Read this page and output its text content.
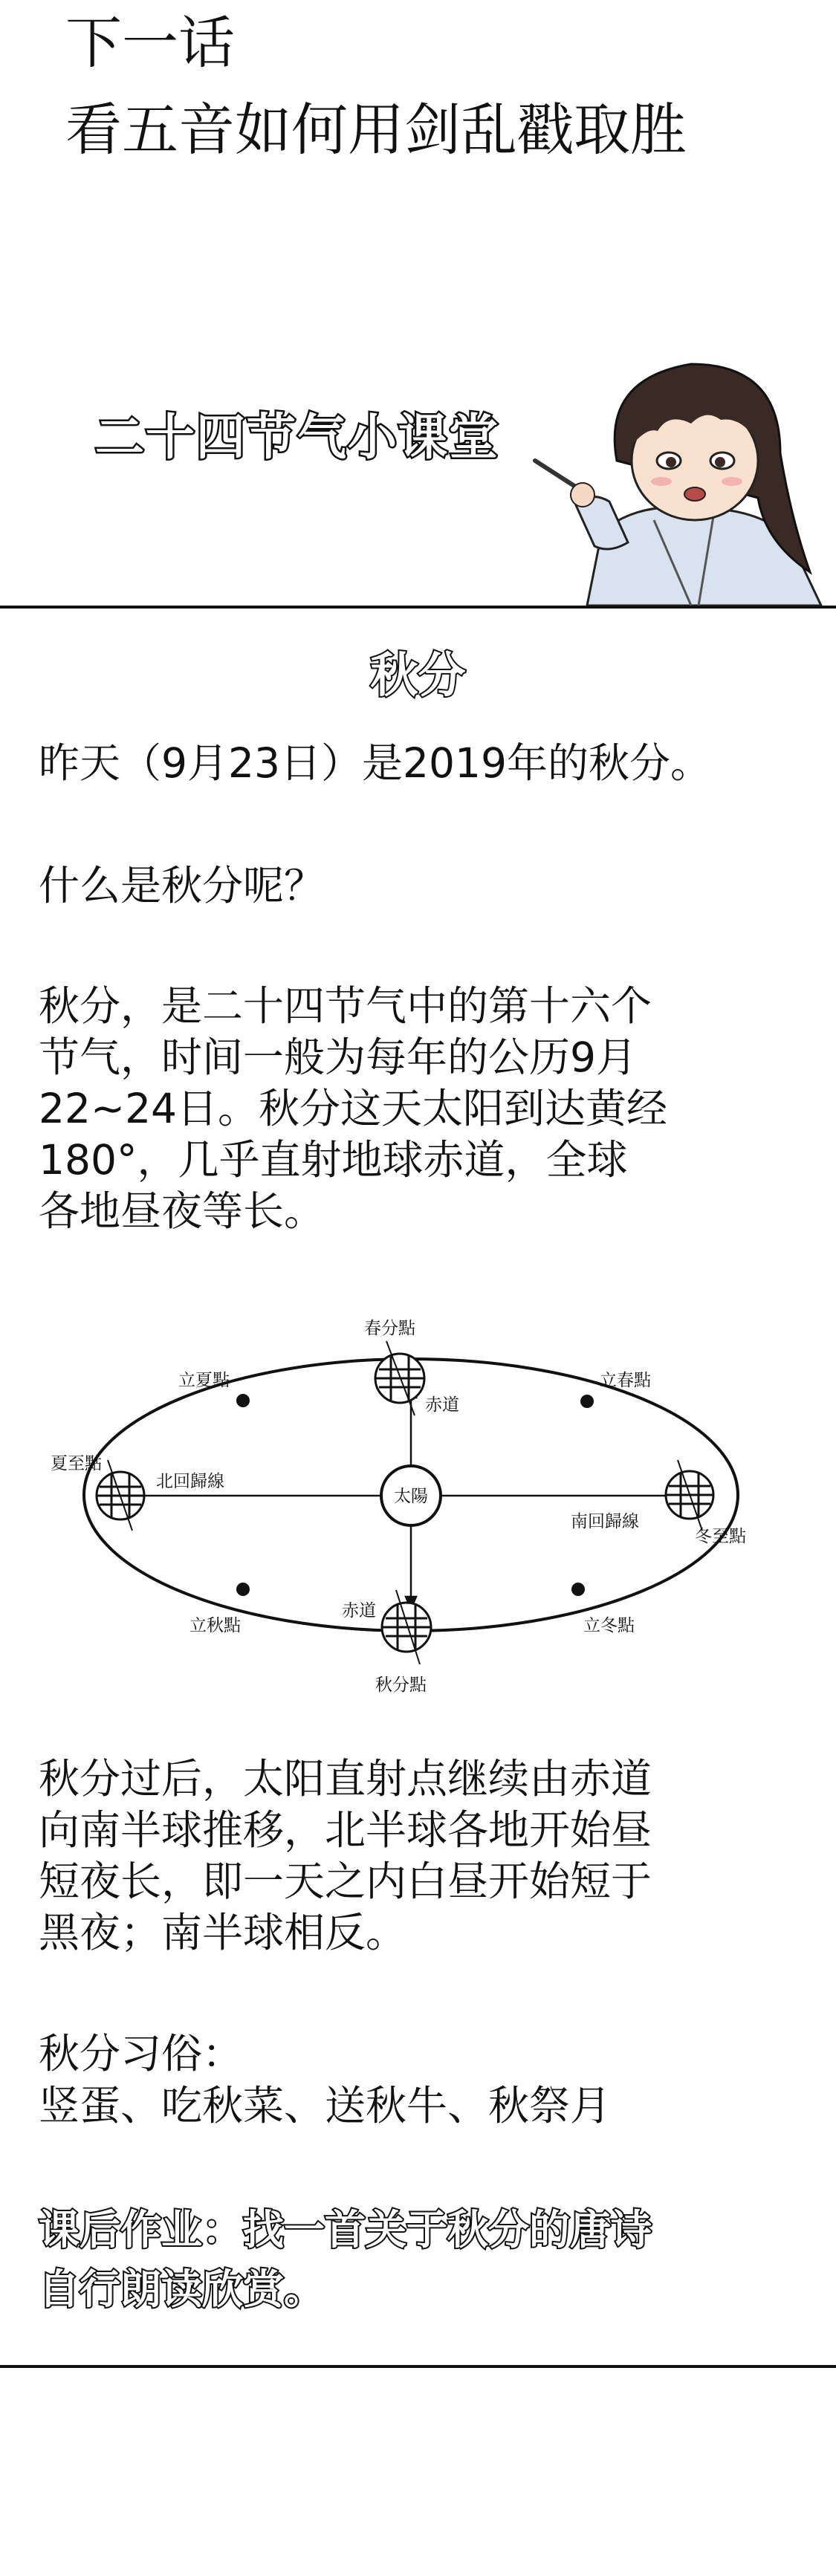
下一话
看五音如何用剑乱戳取胜
二十四节气小课堂
秋分
昨天（9月23日）是2019年的秋分。
什么是秋分呢？
秋分，是二十四节气中的第十六个
节气，时间一般为每年的公历9月
22~24日。秋分这天太阳到达黄经
180°，几乎直射地球赤道，全球
各地昼夜等长。
春分點
秋分點
夏至點
冬至點
立夏點	立春點
立秋點	立冬點
赤道
赤道
北回歸線
南回歸線
太陽
秋分过后，太阳直射点继续由赤道
向南半球推移，北半球各地开始昼
短夜长，即一天之内白昼开始短于
黑夜；南半球相反。
秋分习俗：
竖蛋、吃秋菜、送秋牛、秋祭月
课后作业：找一首关于秋分的唐诗
自行朗读欣赏。
